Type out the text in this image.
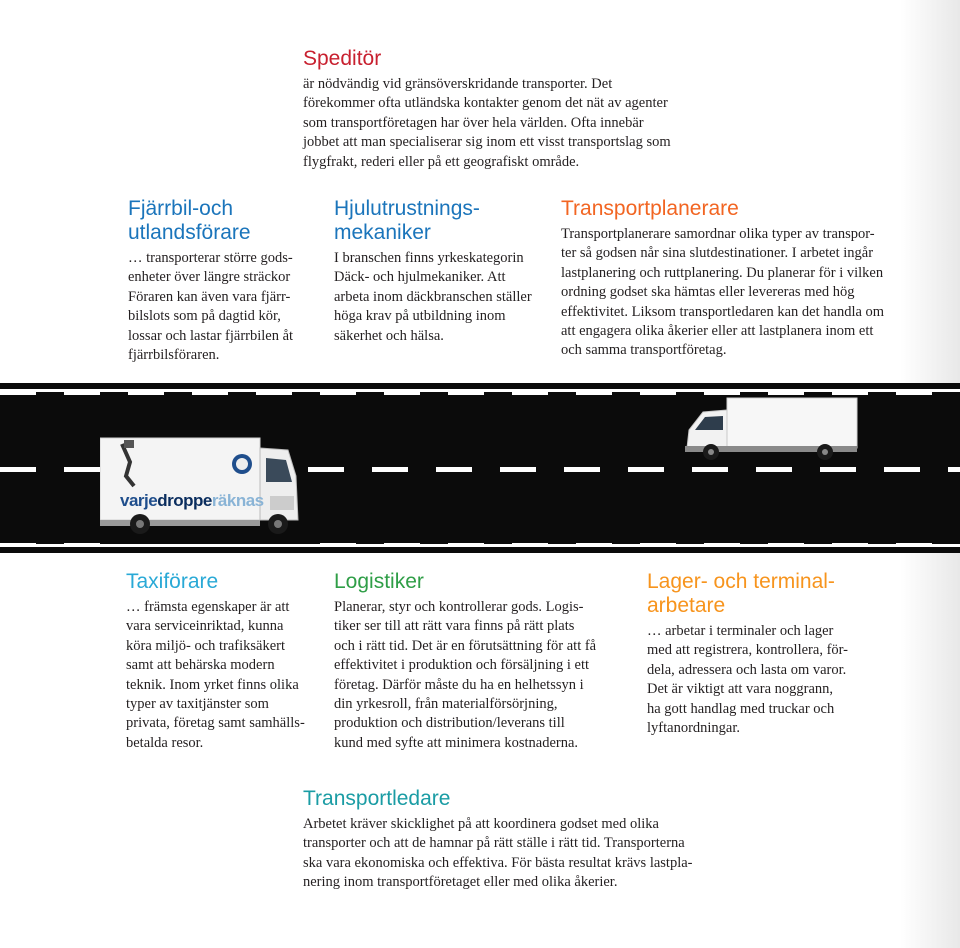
Speditör

är nödvändig vid gränsöverskridande transporter. Det
förekommer ofta utländska kontakter genom det nät av agenter
som transportföretagen har över hela världen. Ofta innebär
jobbet att man specialiserar sig inom ett visst transportslag som
flygfrakt, rederi eller på ett geografiskt område.

Fjärrbil-och
utlandsförare

… transporterar större gods-
enheter över längre sträckor
Föraren kan även vara fjärr-
bilslots som på dagtid kör,
lossar och lastar fjärrbilen åt
fjärrbilsföraren.

Hjulutrustnings-
mekaniker

I branschen finns yrkeskategorin
Däck- och hjulmekaniker. Att
arbeta inom däckbranschen ställer
höga krav på utbildning inom
säkerhet och hälsa.

Transportplanerare

Transportplanerare samordnar olika typer av transpor-
ter så godsen når sina slutdestinationer. I arbetet ingår
lastplanering och ruttplanering. Du planerar för i vilken
ordning godset ska hämtas eller levereras med hög
effektivitet. Liksom transportledaren kan det handla om
att engagera olika åkerier eller att lastplanera inom ett
och samma transportföretag.

varjedropperäknas
Taxiförare

… främsta egenskaper är att
vara serviceinriktad, kunna
köra miljö- och trafiksäkert
samt att behärska modern
teknik. Inom yrket finns olika
typer av taxitjänster som
privata, företag samt samhälls-
betalda resor.

Logistiker

Planerar, styr och kontrollerar gods. Logis-
tiker ser till att rätt vara finns på rätt plats
och i rätt tid. Det är en förutsättning för att få
effektivitet i produktion och försäljning i ett
företag. Därför måste du ha en helhetssyn i
din yrkesroll, från materialförsörjning,
produktion och distribution/leverans till
kund med syfte att minimera kostnaderna.

Lager- och terminal-
arbetare

… arbetar i terminaler och lager
med att registrera, kontrollera, för-
dela, adressera och lasta om varor.
Det är viktigt att vara noggrann,
ha gott handlag med truckar och
lyftanordningar.

Transportledare

Arbetet kräver skicklighet på att koordinera godset med olika
transporter och att de hamnar på rätt ställe i rätt tid. Transporterna
ska vara ekonomiska och effektiva. För bästa resultat krävs lastpla-
nering inom transportföretaget eller med olika åkerier.
